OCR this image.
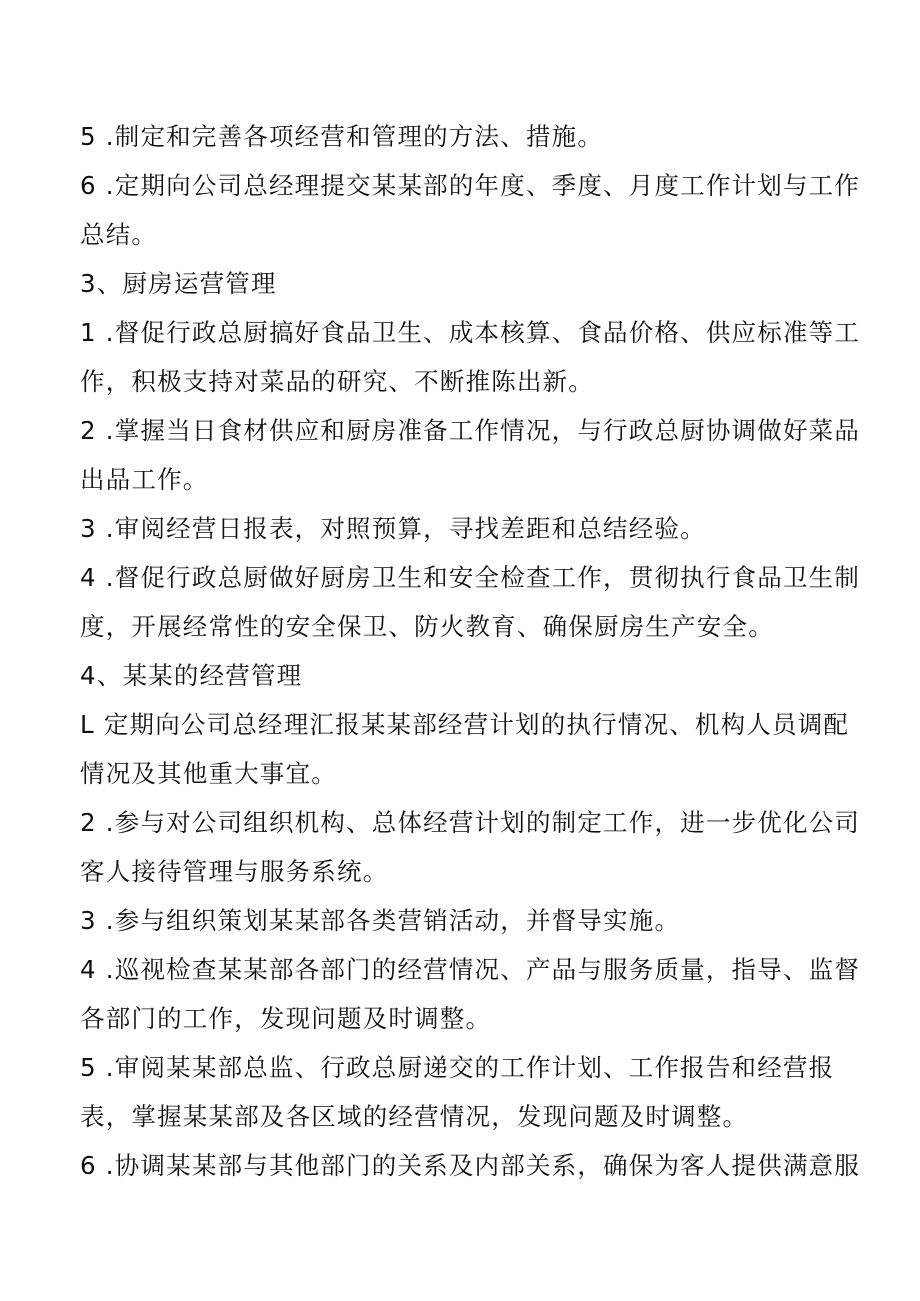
5 .制定和完善各项经营和管理的方法、措施。
6 .定期向公司总经理提交某某部的年度、季度、月度工作计划与工作
总结。
3、厨房运营管理
1 .督促行政总厨搞好食品卫生、成本核算、食品价格、供应标准等工
作，积极支持对菜品的研究、不断推陈出新。
2 .掌握当日食材供应和厨房准备工作情况，与行政总厨协调做好菜品
出品工作。
3 .审阅经营日报表，对照预算，寻找差距和总结经验。
4 .督促行政总厨做好厨房卫生和安全检查工作，贯彻执行食品卫生制
度，开展经常性的安全保卫、防火教育、确保厨房生产安全。
4、某某的经营管理
L 定期向公司总经理汇报某某部经营计划的执行情况、机构人员调配
情况及其他重大事宜。
2 .参与对公司组织机构、总体经营计划的制定工作，进一步优化公司
客人接待管理与服务系统。
3 .参与组织策划某某部各类营销活动，并督导实施。
4 .巡视检查某某部各部门的经营情况、产品与服务质量，指导、监督
各部门的工作，发现问题及时调整。
5 .审阅某某部总监、行政总厨递交的工作计划、工作报告和经营报
表，掌握某某部及各区域的经营情况，发现问题及时调整。
6 .协调某某部与其他部门的关系及内部关系，确保为客人提供满意服
